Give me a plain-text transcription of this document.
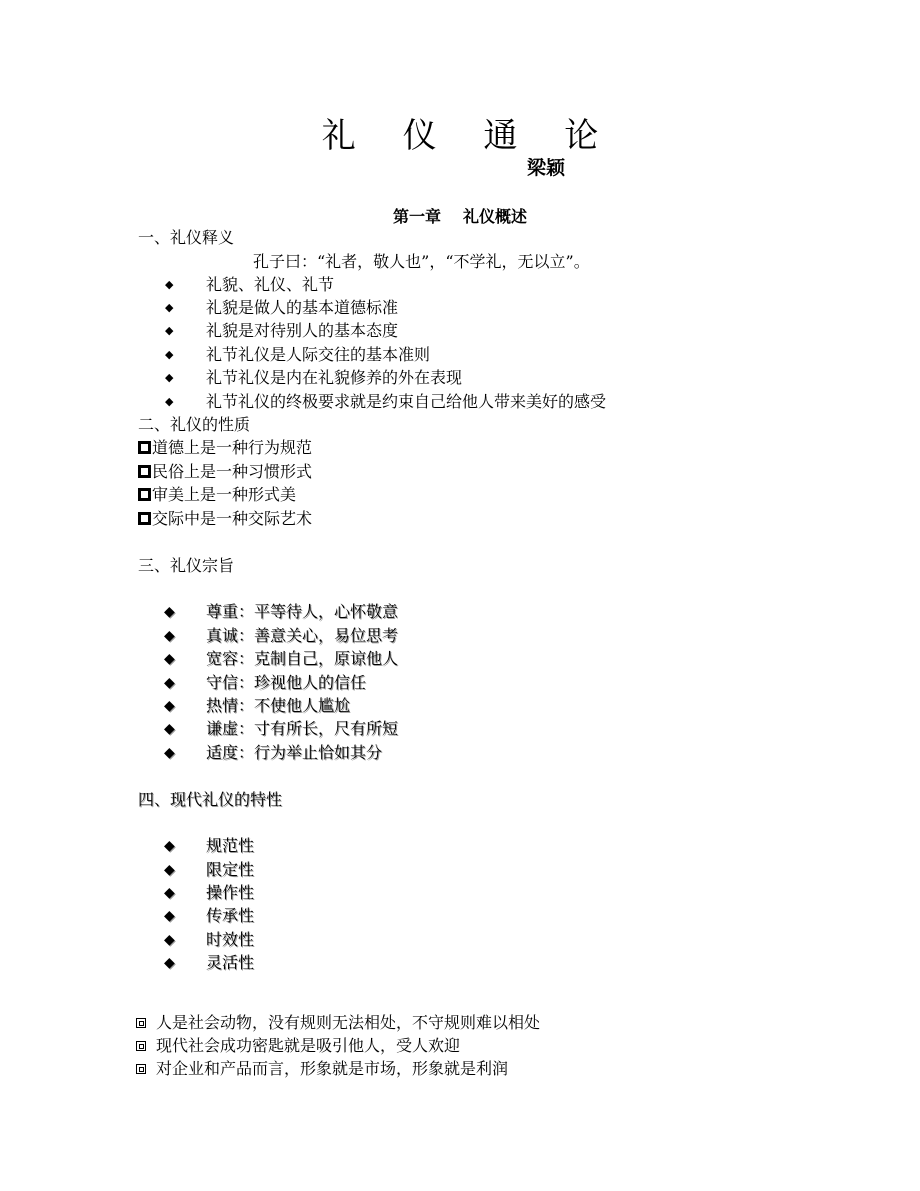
礼 仪 通 论
梁颖
第一章 礼仪概述
一、礼仪释义
孔子曰：“礼者，敬人也”，“不学礼，无以立”。
◆ 礼貌、礼仪、礼节
◆ 礼貌是做人的基本道德标准
◆ 礼貌是对待别人的基本态度
◆ 礼节礼仪是人际交往的基本准则
◆ 礼节礼仪是内在礼貌修养的外在表现
◆ 礼节礼仪的终极要求就是约束自己给他人带来美好的感受
二、礼仪的性质
道德上是一种行为规范
民俗上是一种习惯形式
审美上是一种形式美
交际中是一种交际艺术
三、礼仪宗旨
◆ 尊重：平等待人，心怀敬意
◆ 真诚：善意关心，易位思考
◆ 宽容：克制自己，原谅他人
◆ 守信：珍视他人的信任
◆ 热情：不使他人尴尬
◆ 谦虚：寸有所长，尺有所短
◆ 适度：行为举止恰如其分
四、现代礼仪的特性
◆ 规范性
◆ 限定性
◆ 操作性
◆ 传承性
◆ 时效性
◆ 灵活性
人是社会动物，没有规则无法相处，不守规则难以相处
现代社会成功密匙就是吸引他人，受人欢迎
对企业和产品而言，形象就是市场，形象就是利润
